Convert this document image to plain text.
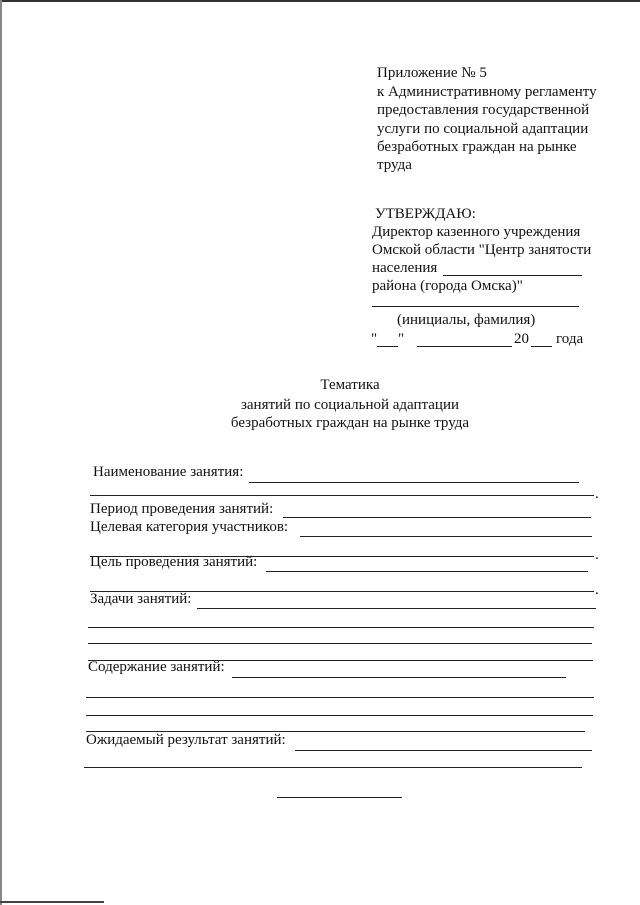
Приложение № 5
к Административному регламенту
предоставления государственной
услуги по социальной адаптации
безработных граждан на рынке
труда
УТВЕРЖДАЮ:
Директор казенного учреждения
Омской области "Центр занятости
населения
района (города Омска)"
(инициалы, фамилия)
" "	20 года
Тематика
занятий по социальной адаптации
безработных граждан на рынке труда
Наименование занятия:
.
Период проведения занятий:
Целевая категория участников:
.
Цель проведения занятий:
.
Задачи занятий:
Содержание занятий:
Ожидаемый результат занятий:
